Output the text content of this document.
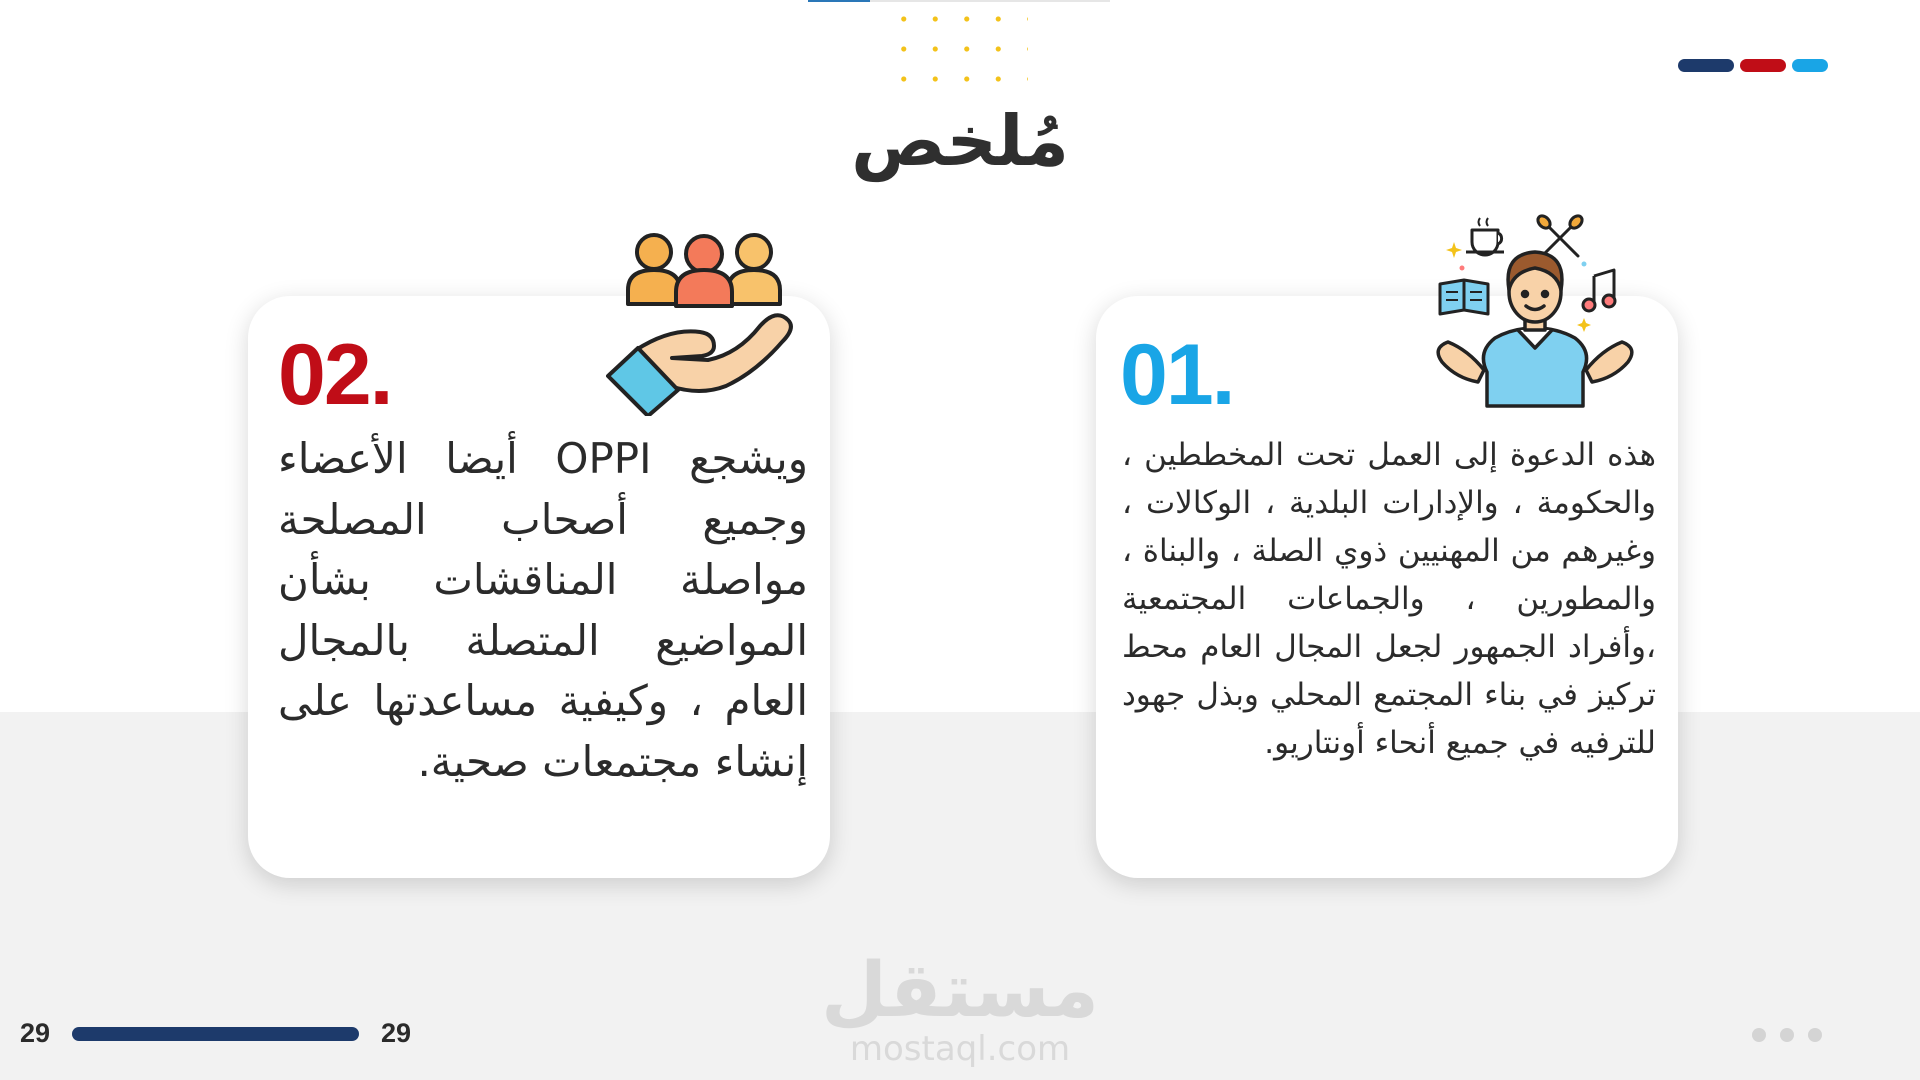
مُلخص
01.
هذه الدعوة إلى العمل تحت المخططين ، والحكومة ، والإدارات البلدية ، الوكالات ، وغيرهم من المهنيين ذوي الصلة ، والبناة ، والمطورين ، والجماعات المجتمعية ،وأفراد الجمهور لجعل المجال العام محط تركيز في بناء المجتمع المحلي وبذل جهود للترفيه في جميع أنحاء أونتاريو.
02.
ويشجع OPPI أيضا الأعضاء وجميع أصحاب المصلحة مواصلة المناقشات بشأن المواضيع المتصلة بالمجال العام ، وكيفية مساعدتها على إنشاء مجتمعات صحية.
مستقل
mostaql.com
29	29
